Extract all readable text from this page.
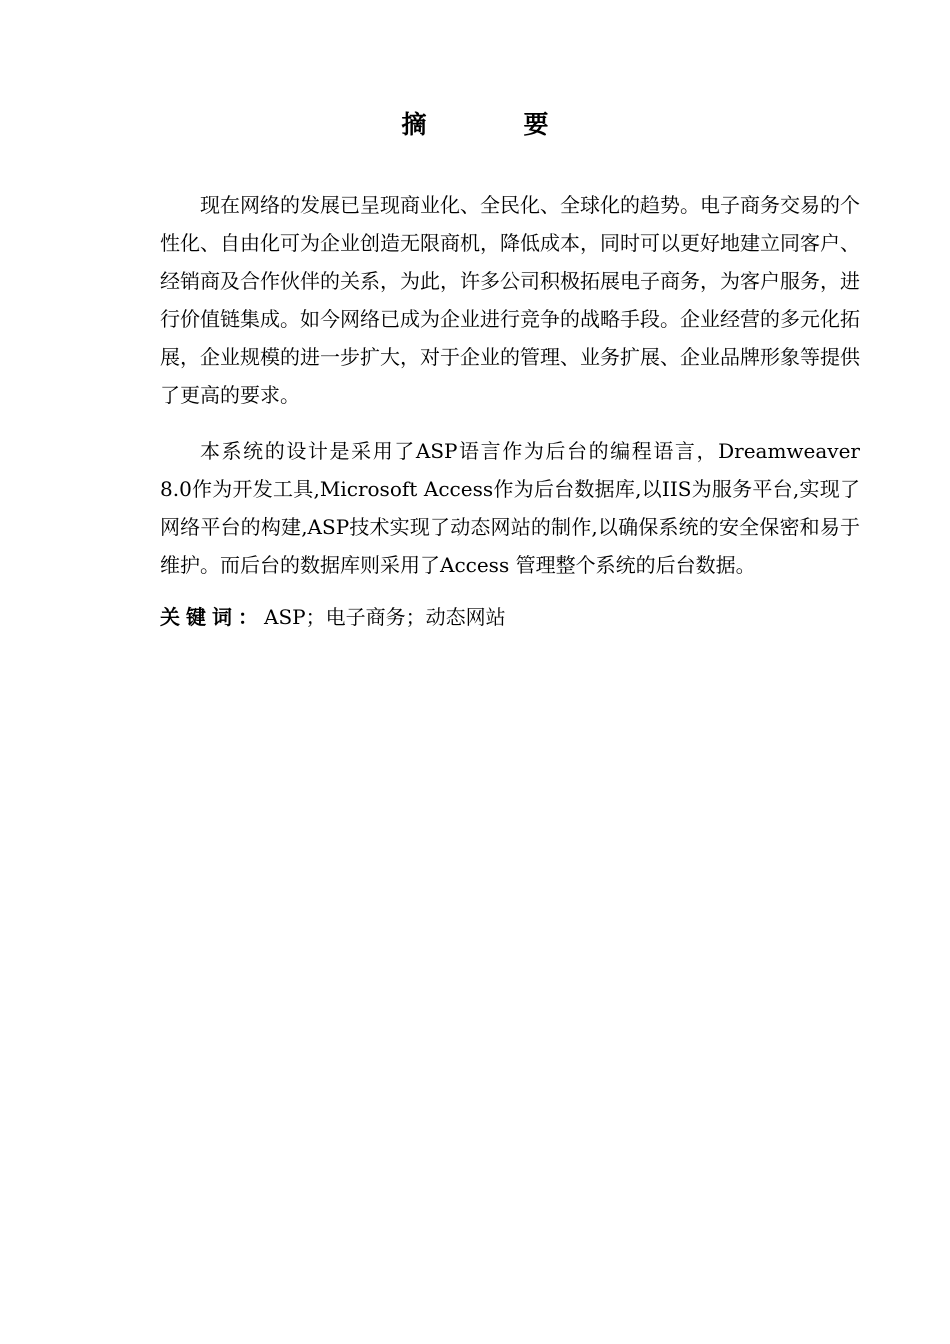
摘　要

现在网络的发展已呈现商业化、全民化、全球化的趋势。电子商务交易的个性化、自由化可为企业创造无限商机，降低成本，同时可以更好地建立同客户、经销商及合作伙伴的关系，为此，许多公司积极拓展电子商务，为客户服务，进行价值链集成。如今网络已成为企业进行竞争的战略手段。企业经营的多元化拓展，企业规模的进一步扩大，对于企业的管理、业务扩展、企业品牌形象等提供了更高的要求。

本系统的设计是采用了ASP语言作为后台的编程语言，Dreamweaver 8.0作为开发工具,Microsoft Access作为后台数据库,以IIS为服务平台,实现了网络平台的构建,ASP技术实现了动态网站的制作,以确保系统的安全保密和易于维护。而后台的数据库则采用了Access 管理整个系统的后台数据。

关键词：ASP；电子商务；动态网站
